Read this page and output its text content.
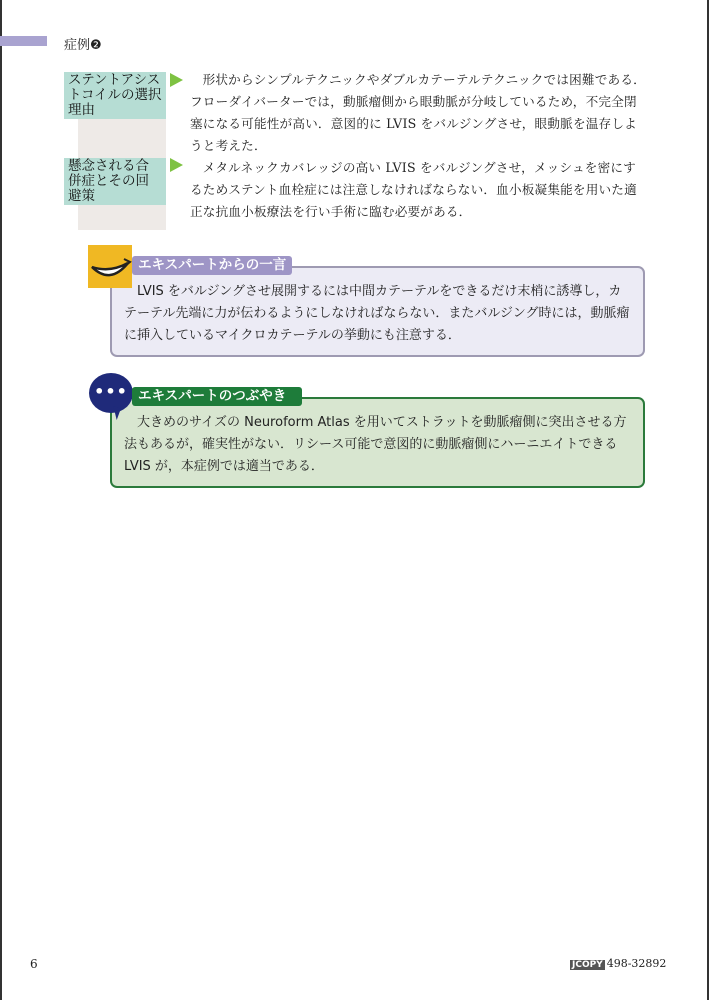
症例❷
ステントアシストコイルの選択理由
懸念される合併症とその回避策
形状からシンプルテクニックやダブルカテーテルテクニックでは困難である．フローダイバーターでは，動脈瘤側から眼動脈が分岐しているため，不完全閉塞になる可能性が高い．意図的に LVIS をバルジングさせ，眼動脈を温存しようと考えた．
メタルネックカバレッジの高い LVIS をバルジングさせ，メッシュを密にするためステント血栓症には注意しなければならない．血小板凝集能を用いた適正な抗血小板療法を行い手術に臨む必要がある．
LVIS をバルジングさせ展開するには中間カテーテルをできるだけ末梢に誘導し，カテーテル先端に力が伝わるようにしなければならない．またバルジング時には，動脈瘤に挿入しているマイクロカテーテルの挙動にも注意する．
エキスパートからの一言
大きめのサイズの Neuroform Atlas を用いてストラットを動脈瘤側に突出させる方法もあるが，確実性がない．リシース可能で意図的に動脈瘤側にハーニエイトできる LVIS が，本症例では適当である．
••• エキスパートのつぶやき
6	JCOPY 498-32892
